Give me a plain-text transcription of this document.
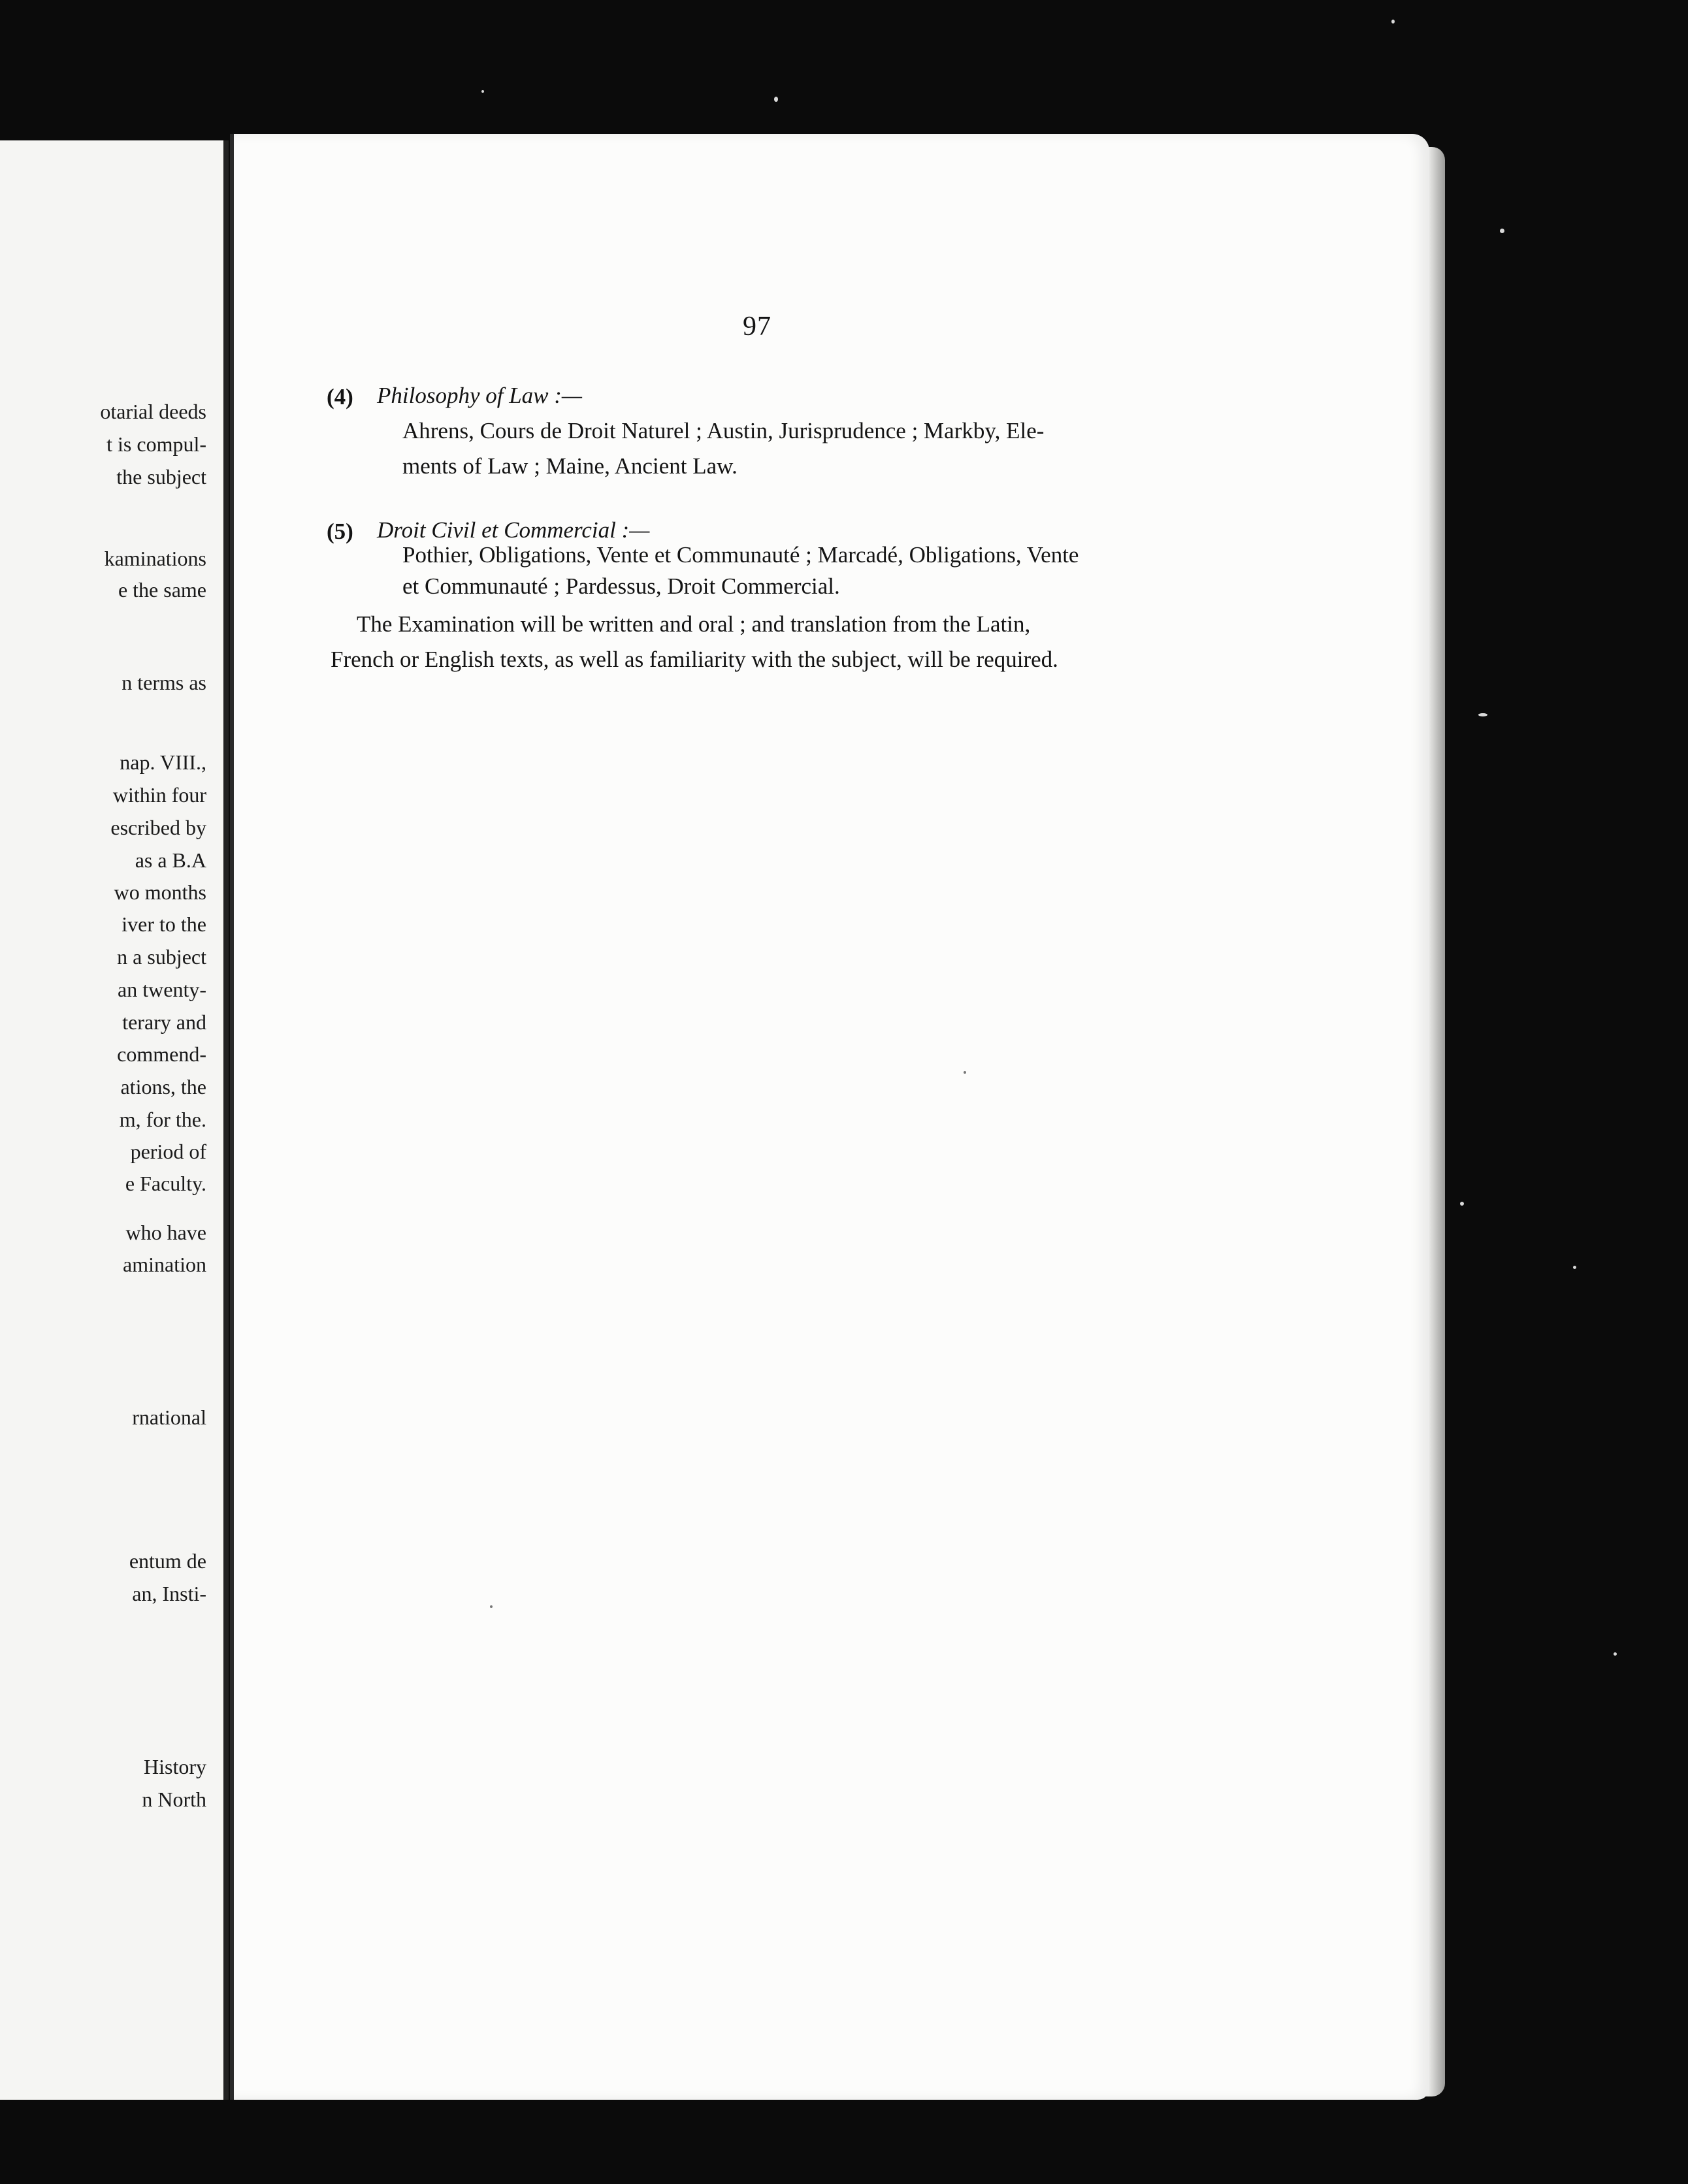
otarial deeds
t is compul-
the subject
kaminations
e the same
n terms as
nap. VIII.,
within four
escribed by
as a B.A
wo months
iver to the
n a subject
an twenty-
terary and
commend-
ations, the
m, for the.
period of
e Faculty.
who have
amination
rnational
entum de
an, Insti-
History
n North
97
(4) Philosophy of Law :—
Ahrens, Cours de Droit Naturel ; Austin, Jurisprudence ; Markby, Ele-
ments of Law ; Maine, Ancient Law.
(5) Droit Civil et Commercial :—
Pothier, Obligations, Vente et Communauté ; Marcadé, Obligations, Vente
et Communauté ; Pardessus, Droit Commercial.
The Examination will be written and oral ; and translation from the Latin,
French or English texts, as well as familiarity with the subject, will be required.
